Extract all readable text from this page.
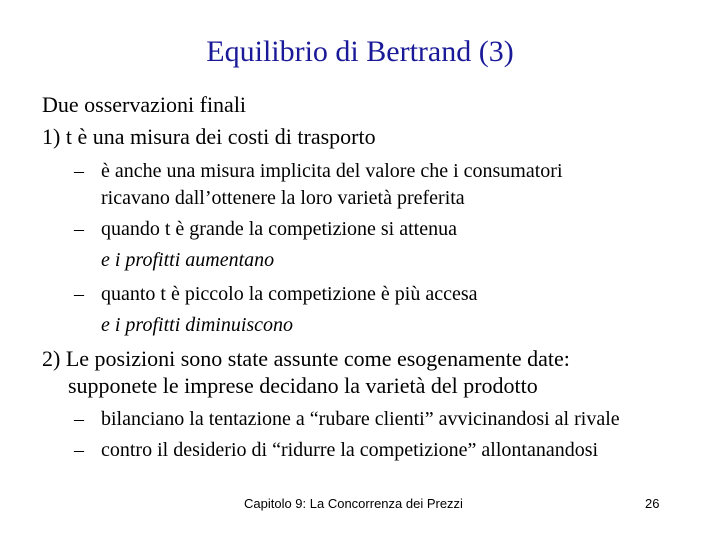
Equilibrio di Bertrand (3)
Due osservazioni finali
1) t è una misura dei costi di trasporto
– è anche una misura implicita del valore che i consumatori
ricavano dall’ottenere la loro varietà preferita
– quando t è grande la competizione si attenua
e i profitti aumentano
– quanto t è piccolo la competizione è più accesa
e i profitti diminuiscono
2) Le posizioni sono state assunte come esogenamente date:
supponete le imprese decidano la varietà del prodotto
– bilanciano la tentazione a “rubare clienti” avvicinandosi al rivale
– contro il desiderio di “ridurre la competizione” allontanandosi
Capitolo 9: La Concorrenza dei Prezzi	26
